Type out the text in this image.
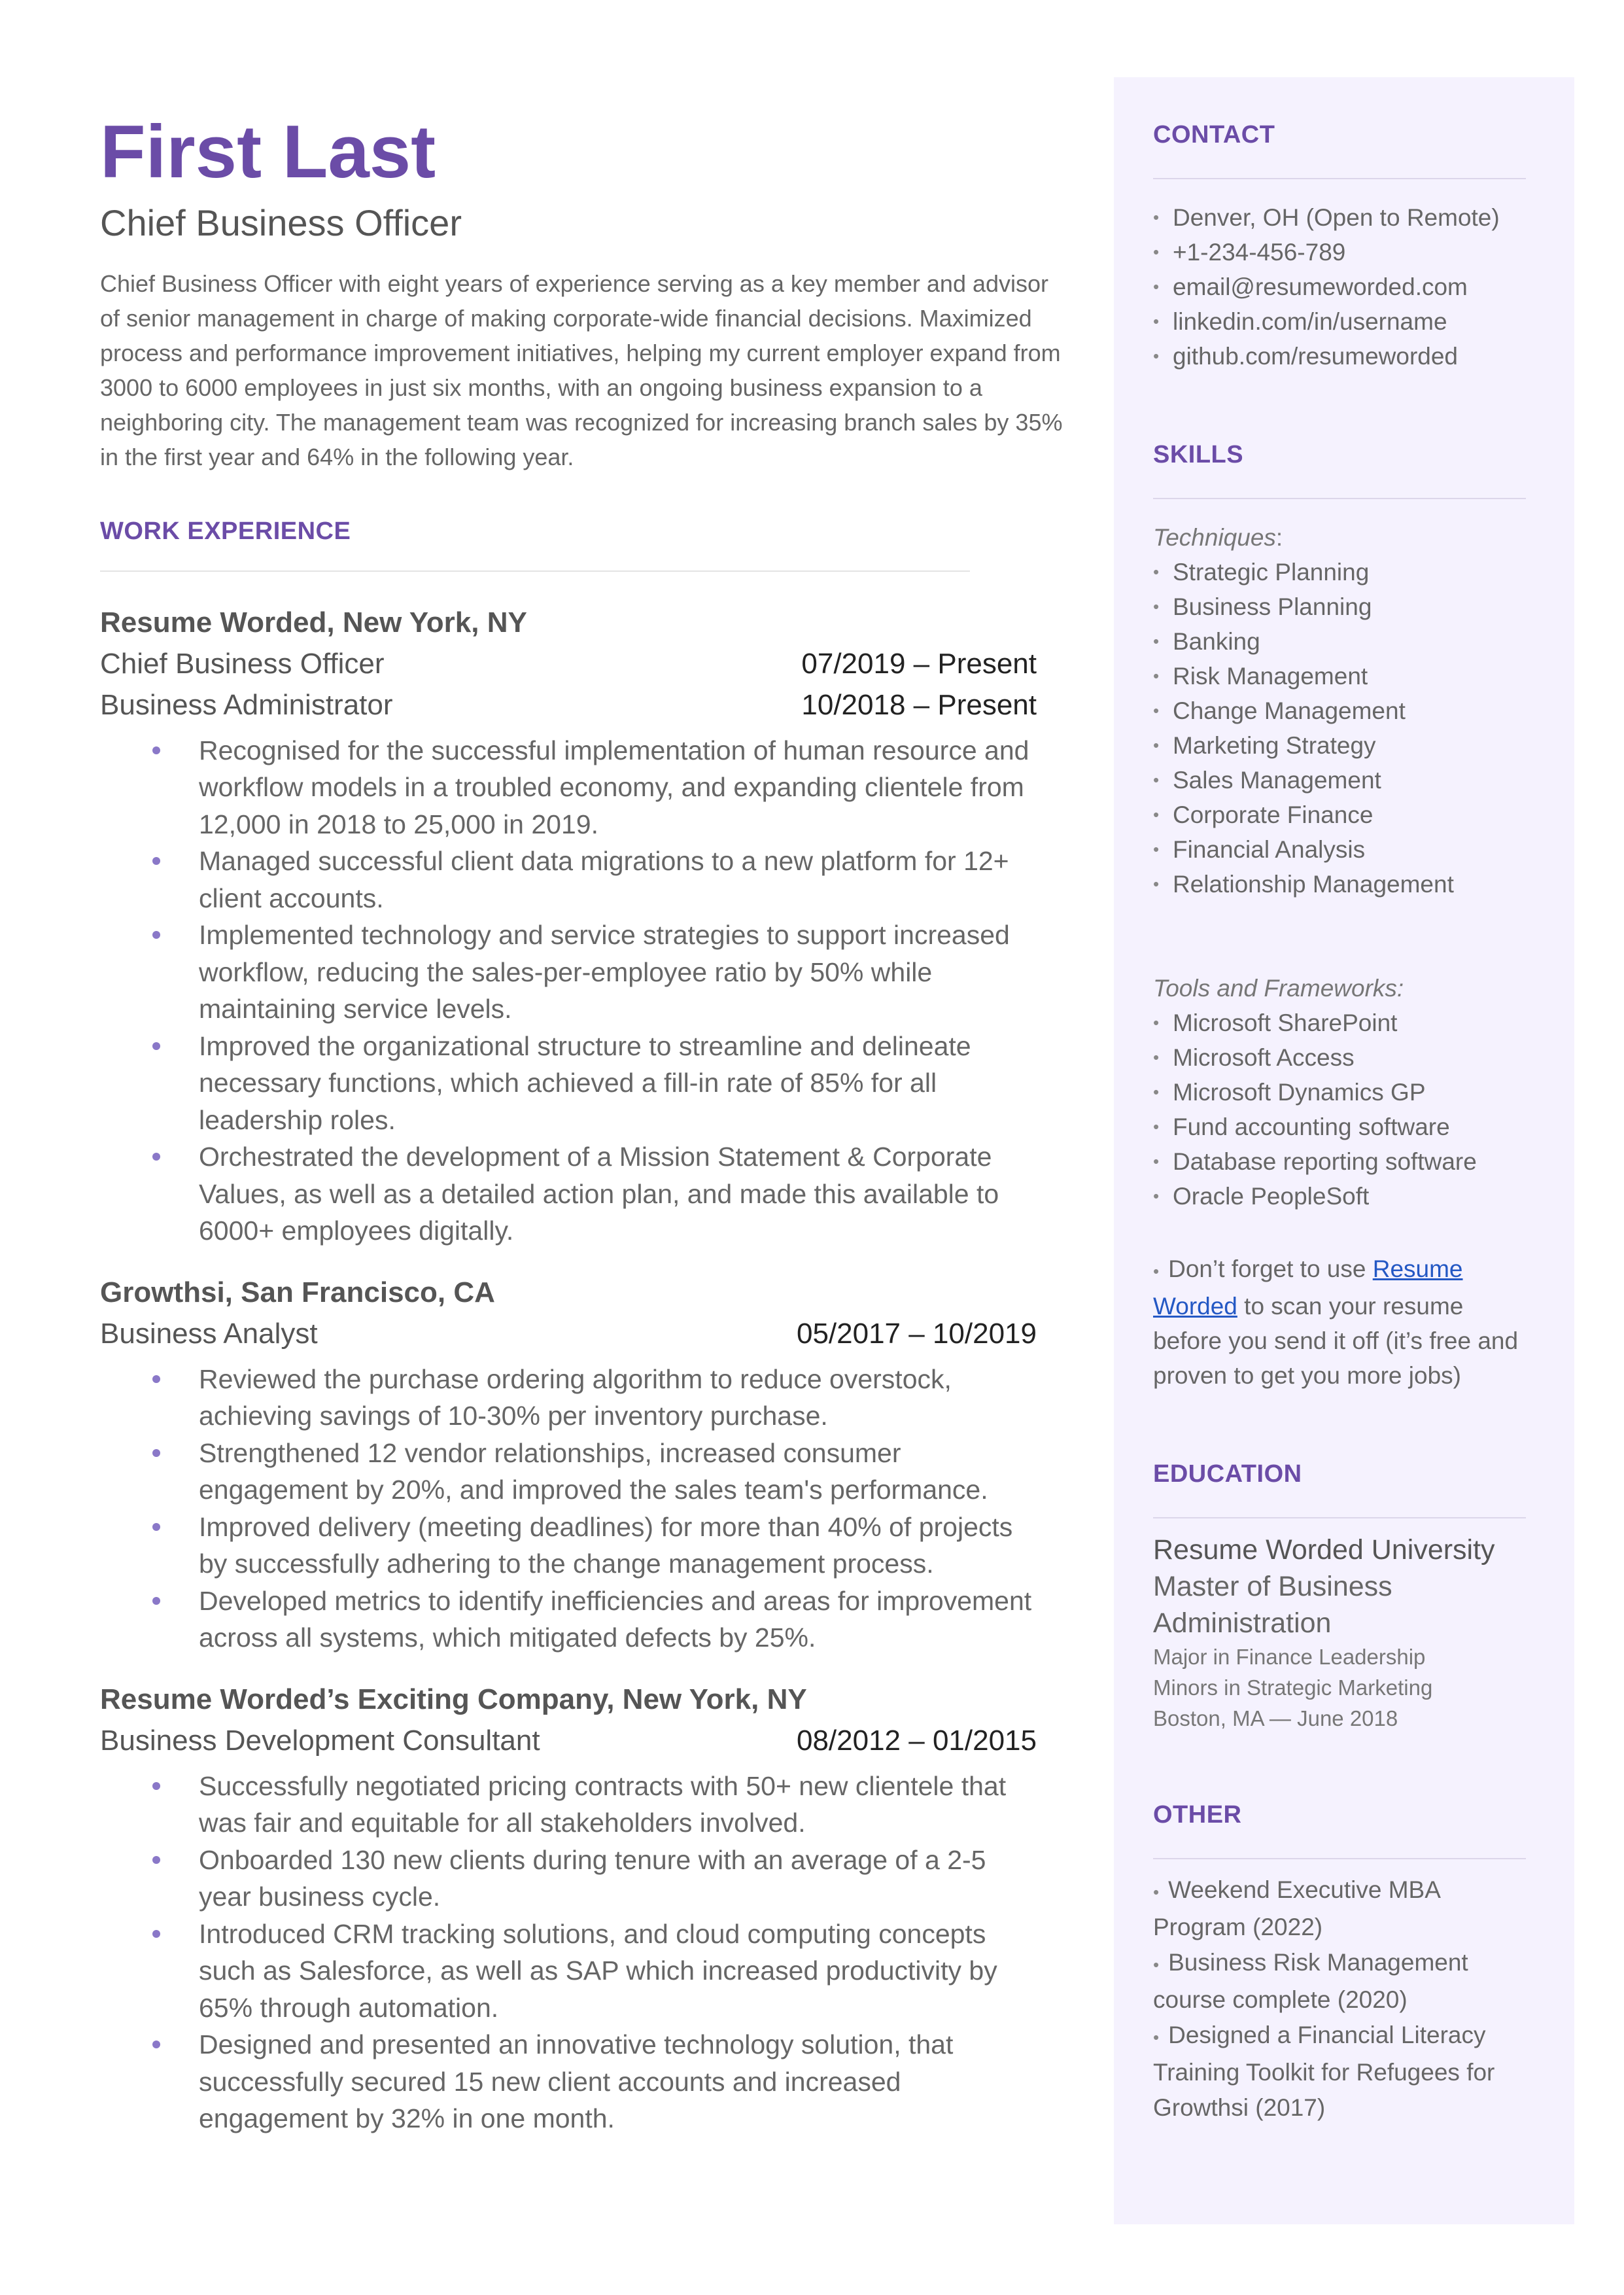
First Last
Chief Business Officer

Chief Business Officer with eight years of experience serving as a key member and advisor of senior management in charge of making corporate-wide financial decisions. Maximized process and performance improvement initiatives, helping my current employer expand from 3000 to 6000 employees in just six months, with an ongoing business expansion to a neighboring city. The management team was recognized for increasing branch sales by 35% in the first year and 64% in the following year.

WORK EXPERIENCE
Resume Worded, New York, NY
Chief Business Officer	07/2019 – Present
Business Administrator	10/2018 – Present
Recognised for the successful implementation of human resource and workflow models in a troubled economy, and expanding clientele from 12,000 in 2018 to 25,000 in 2019.
Managed successful client data migrations to a new platform for 12+ client accounts.
Implemented technology and service strategies to support increased workflow, reducing the sales-per-employee ratio by 50% while maintaining service levels.
Improved the organizational structure to streamline and delineate necessary functions, which achieved a fill-in rate of 85% for all leadership roles.
Orchestrated the development of a Mission Statement & Corporate Values, as well as a detailed action plan, and made this available to 6000+ employees digitally.
Growthsi, San Francisco, CA
Business Analyst	05/2017 – 10/2019
Reviewed the purchase ordering algorithm to reduce overstock, achieving savings of 10-30% per inventory purchase.
Strengthened 12 vendor relationships, increased consumer engagement by 20%, and improved the sales team's performance.
Improved delivery (meeting deadlines) for more than 40% of projects by successfully adhering to the change management process.
Developed metrics to identify inefficiencies and areas for improvement across all systems, which mitigated defects by 25%.
Resume Worded’s Exciting Company, New York, NY
Business Development Consultant	08/2012 – 01/2015
Successfully negotiated pricing contracts with 50+ new clientele that was fair and equitable for all stakeholders involved.
Onboarded 130 new clients during tenure with an average of a 2-5 year business cycle.
Introduced CRM tracking solutions, and cloud computing concepts such as Salesforce, as well as SAP which increased productivity by 65% through automation.
Designed and presented an innovative technology solution, that successfully secured 15 new client accounts and increased engagement by 32% in one month.
CONTACT
• Denver, OH (Open to Remote)
• +1-234-456-789
• email@resumeworded.com
• linkedin.com/in/username
• github.com/resumeworded
SKILLS
Techniques:
• Strategic Planning
• Business Planning
• Banking
• Risk Management
• Change Management
• Marketing Strategy
• Sales Management
• Corporate Finance
• Financial Analysis
• Relationship Management
Tools and Frameworks:
• Microsoft SharePoint
• Microsoft Access
• Microsoft Dynamics GP
• Fund accounting software
• Database reporting software
• Oracle PeopleSoft
• Don’t forget to use Resume Worded to scan your resume before you send it off (it’s free and proven to get you more jobs)
EDUCATION
Resume Worded University
Master of Business Administration
Major in Finance Leadership
Minors in Strategic Marketing
Boston, MA — June 2018
OTHER
• Weekend Executive MBA Program (2022)
• Business Risk Management course complete (2020)
• Designed a Financial Literacy Training Toolkit for Refugees for Growthsi (2017)
